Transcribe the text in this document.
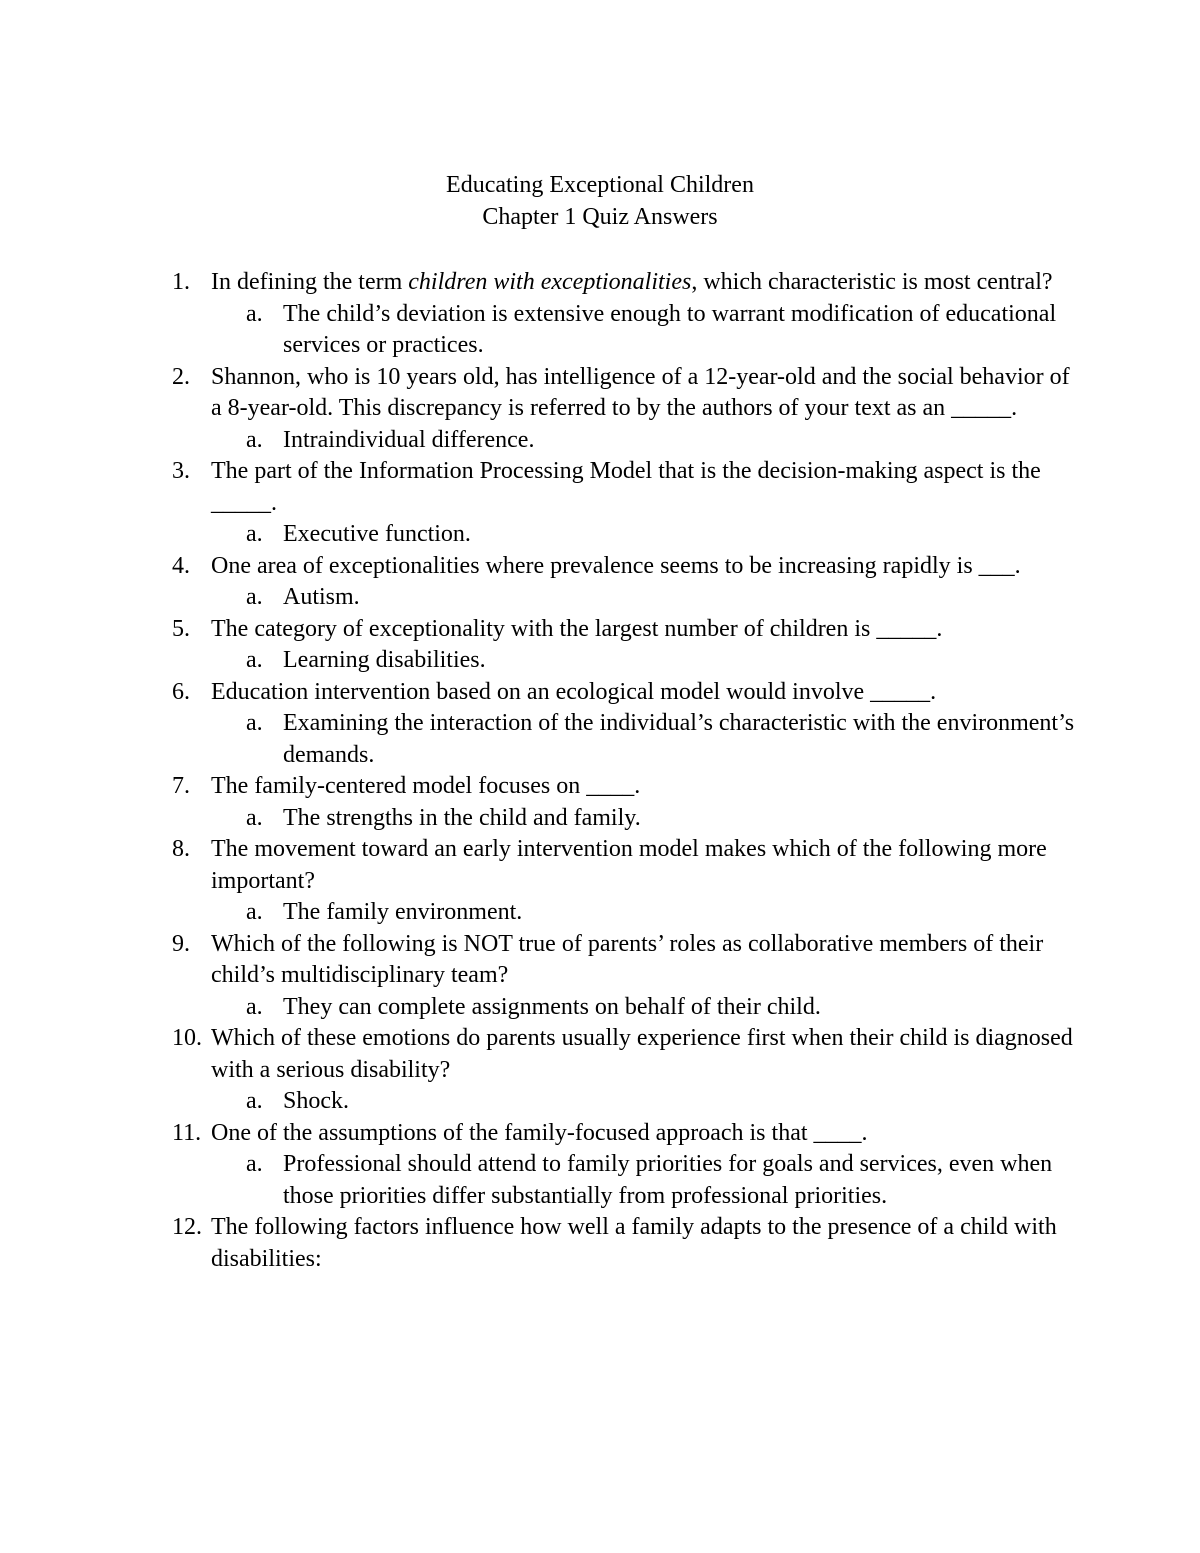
Educating Exceptional Children
Chapter 1 Quiz Answers
1. In defining the term children with exceptionalities, which characteristic is most central?
a. The child’s deviation is extensive enough to warrant modification of educational services or practices.
2. Shannon, who is 10 years old, has intelligence of a 12-year-old and the social behavior of a 8-year-old. This discrepancy is referred to by the authors of your text as an _____.
a. Intraindividual difference.
3. The part of the Information Processing Model that is the decision-making aspect is the _____.
a. Executive function.
4. One area of exceptionalities where prevalence seems to be increasing rapidly is ___.
a. Autism.
5. The category of exceptionality with the largest number of children is _____.
a. Learning disabilities.
6. Education intervention based on an ecological model would involve _____.
a. Examining the interaction of the individual’s characteristic with the environment’s demands.
7. The family-centered model focuses on ____.
a. The strengths in the child and family.
8. The movement toward an early intervention model makes which of the following more important?
a. The family environment.
9. Which of the following is NOT true of parents’ roles as collaborative members of their child’s multidisciplinary team?
a. They can complete assignments on behalf of their child.
10. Which of these emotions do parents usually experience first when their child is diagnosed with a serious disability?
a. Shock.
11. One of the assumptions of the family-focused approach is that ____.
a. Professional should attend to family priorities for goals and services, even when those priorities differ substantially from professional priorities.
12. The following factors influence how well a family adapts to the presence of a child with disabilities:
